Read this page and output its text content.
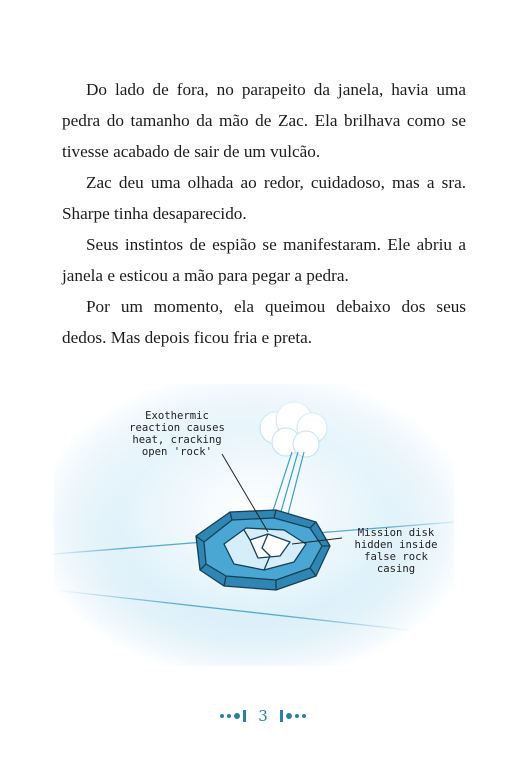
Do lado de fora, no parapeito da janela, havia uma pedra do tamanho da mão de Zac. Ela brilhava como se tivesse acabado de sair de um vulcão.

Zac deu uma olhada ao redor, cuidadoso, mas a sra. Sharpe tinha desaparecido.

Seus instintos de espião se manifestaram. Ele abriu a janela e esticou a mão para pegar a pedra.

Por um momento, ela queimou debaixo dos seus dedos. Mas depois ficou fria e preta.

Exothermic
reaction causes
heat, cracking
open 'rock'
Mission disk
hidden inside
false rock casing
3
